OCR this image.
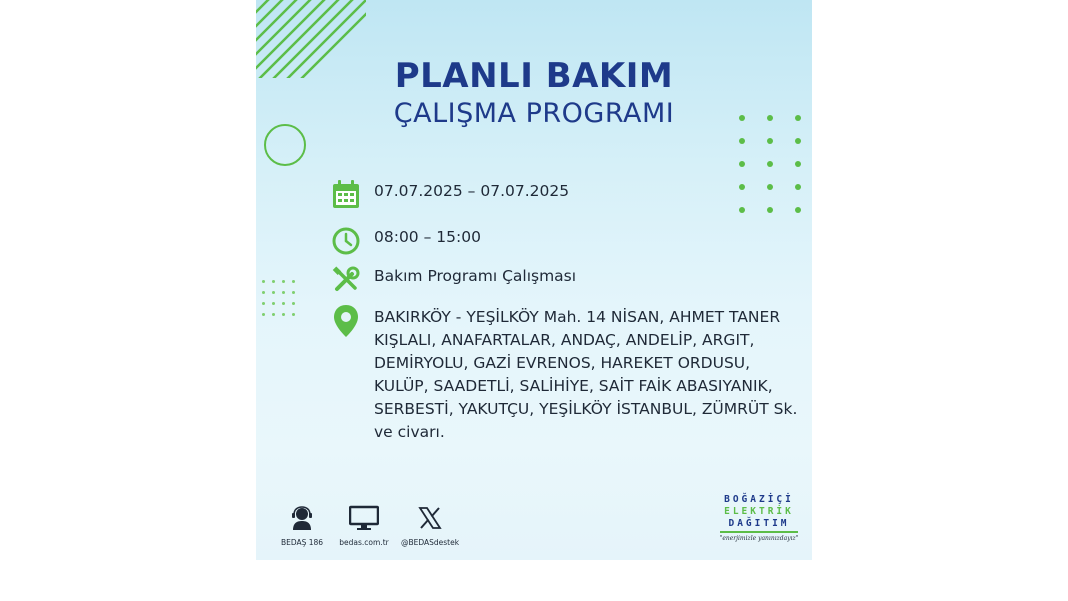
PLANLI BAKIM
ÇALIŞMA PROGRAMI
07.07.2025 – 07.07.2025
08:00 – 15:00
Bakım Programı Çalışması
BAKIRKÖY - YEŞİLKÖY Mah. 14 NİSAN, AHMET TANER KIŞLALI, ANAFARTALAR, ANDAÇ, ANDELİP, ARGIT, DEMİRYOLU, GAZİ EVRENOS, HAREKET ORDUSU, KULÜP, SAADETLİ, SALİHİYE, SAİT FAİK ABASIYANIK, SERBESTİ, YAKUTÇU, YEŞİLKÖY İSTANBUL, ZÜMRÜT Sk. ve civarı.
BEDAŞ 186	bedas.com.tr	@BEDASdestek
BOĞAZİÇİ
ELEKTRİK
DAĞITIM
"enerjimizle yanınızdayız"
